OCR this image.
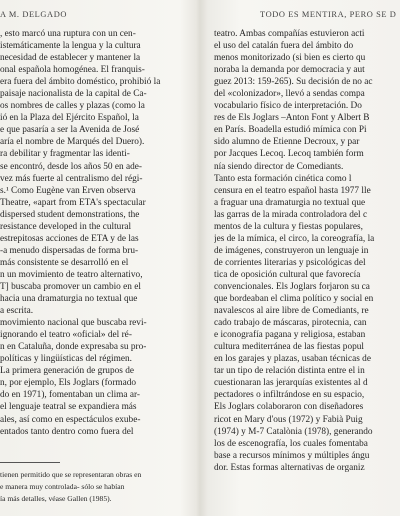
A M. DELGADO	TODO ES MENTIRA, PERO SE D
, esto marcó una ruptura con un cen-
istemáticamente la lengua y la cultura
necesidad de establecer y mantener la
onal española homogénea. El franquis-
era fuera del ámbito doméstico, prohibió la
paisaje nacionalista de la capital de Ca-
os nombres de calles y plazas (como la
ió en la Plaza del Ejército Español, la
e que pasaría a ser la Avenida de José
aría el nombre de Marqués del Duero).
ra debilitar y fragmentar las identi-
se encontró, desde los años 50 en ade-
vez más fuerte al centralismo del régi-
s.¹ Como Eugène van Erven observa
Theatre, «apart from ETA's spectacular
dispersed student demonstrations, the
resistance developed in the cultural
estrepitosas acciones de ETA y de las
-a menudo dispersadas de forma bru-
más consistente se desarrolló en el
n un movimiento de teatro alternativo,
T] buscaba promover un cambio en el
hacia una dramaturgia no textual que
a escrita.
movimiento nacional que buscaba revi-
ignorando el teatro «oficial» del ré-
n en Cataluña, donde expresaba su pro-
políticas y lingüísticas del régimen.
La primera generación de grupos de
n, por ejemplo, Els Joglars (formado
do en 1971), fomentaban un clima ar-
el lenguaje teatral se expandiera más
ales, así como en espectáculos exube-
entados tanto dentro como fuera del
tienen permitido que se representaran obras en
e manera muy controlada- sólo se habían
ía más detalles, véase Gallen (1985).
teatro. Ambas compañías estuvieron acti
el uso del catalán fuera del ámbito do
menos monitorizado (si bien es cierto qu
noraba la demanda por democracia y aut
guez 2013: 159-265). Su decisión de no ac
del «colonizador», llevó a sendas compa
vocabulario físico de interpretación. Do
res de Els Joglars –Anton Font y Albert B
en París. Boadella estudió mímica con Pi
sido alumno de Etienne Decroux, y par
por Jacques Lecoq. Lecoq también form
nía siendo director de Comediants.
Tanto esta formación cinética como l
censura en el teatro español hasta 1977 lle
a fraguar una dramaturgia no textual que
las garras de la mirada controladora del c
mentos de la cultura y fiestas populares,
jes de la mímica, el circo, la coreografía, la
de imágenes, construyeron un lenguaje in
de corrientes literarias y psicológicas del
tica de oposición cultural que favorecía
convencionales. Els Joglars forjaron su ca
que bordeaban el clima político y social en
navalescos al aire libre de Comediants, re
cado trabajo de máscaras, pirotecnia, can
e iconografía pagana y religiosa, estaban
cultura mediterránea de las fiestas popul
en los garajes y plazas, usaban técnicas de
tar un tipo de relación distinta entre el in
cuestionaran las jerarquías existentes al d
pectadores o infiltrándose en su espacio,
Els Joglars colaboraron con diseñadores
ricot en Mary d'ous (1972) y Fabià Puig
(1974) y M-7 Catalònia (1978), generando
los de escenografía, los cuales fomentaba
base a recursos mínimos y múltiples ángu
dor. Estas formas alternativas de organiz
